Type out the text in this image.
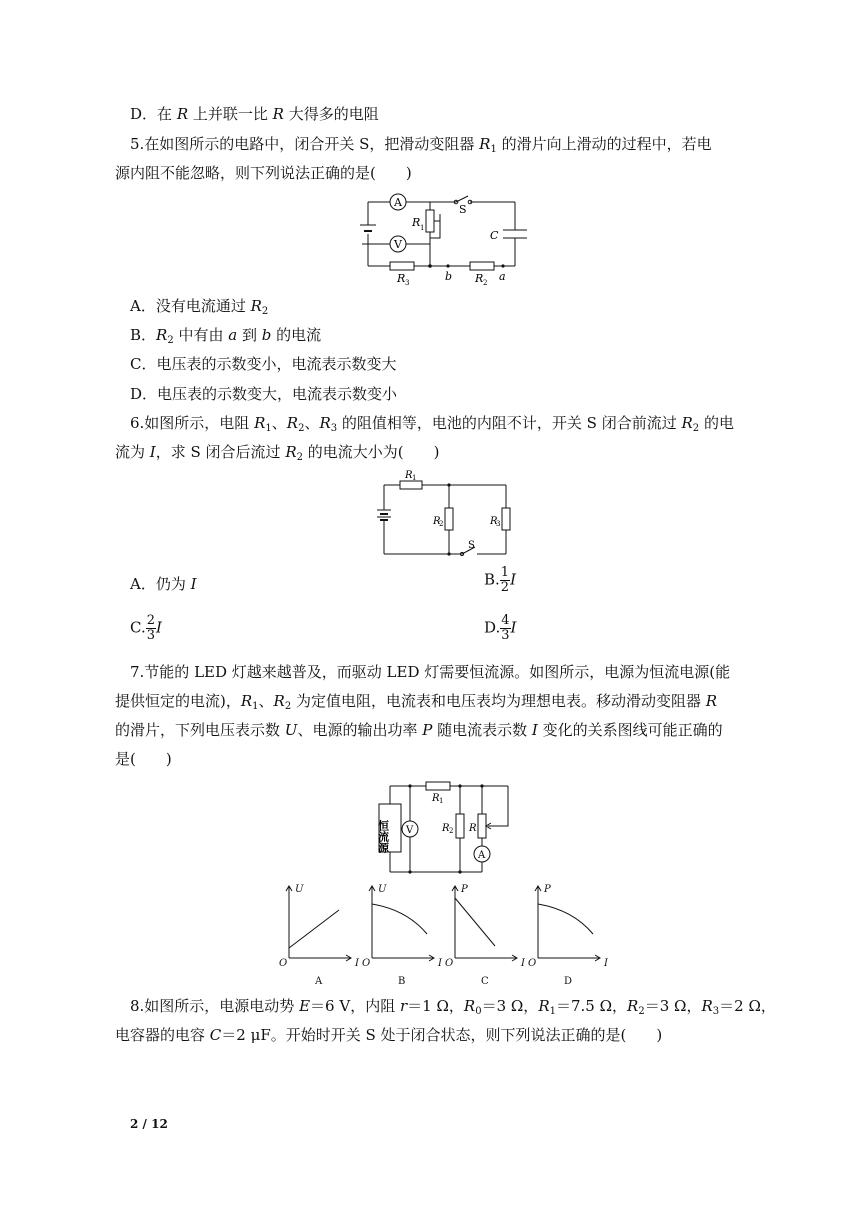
D．在 R 上并联一比 R 大得多的电阻
5.在如图所示的电路中，闭合开关 S，把滑动变阻器 $R_1$ 的滑片向上滑动的过程中，若电
源内阻不能忽略，则下列说法正确的是(　　)
A
V
S
R 1
C
R 3	b R 2 a
A．没有电流通过 $R_2$
B．$R_2$ 中有由 a 到 b 的电流
C．电压表的示数变小，电流表示数变大
D．电压表的示数变大，电流表示数变小
6.如图所示，电阻 $R_1$、$R_2$、$R_3$ 的阻值相等，电池的内阻不计，开关 S 闭合前流过 $R_2$ 的电
流为 I，求 S 闭合后流过 $R_2$ 的电流大小为(　　)
R 1
R
2	R
3
S
A．仍为 I	B. $\frac{1}{2}$ I
C. $\frac{2}{3}$ I	D. $\frac{4}{3}$ I
7.节能的 LED 灯越来越普及，而驱动 LED 灯需要恒流源。如图所示，电源为恒流电源(能
提供恒定的电流)，$R_1$、$R_2$ 为定值电阻，电流表和电压表均为理想电表。移动滑动变阻器 R
的滑片，下列电压表示数 U、电源的输出功率 P 随电流表示数 I 变化的关系图线可能正确的
是(　　)
恒流源
R 1
R 2 R
V
A
U
I
O
A
U
I
O
B
P
I
O
C
P
I
O
D
8.如图所示，电源电动势 E＝6 V，内阻 r＝1 Ω，$R_0=3$ Ω，$R_1=7.5$ Ω，$R_2=3$ Ω，$R_3=2$ Ω，
电容器的电容 C＝2 μF。开始时开关 S 处于闭合状态，则下列说法正确的是(　　)
2 / 12
